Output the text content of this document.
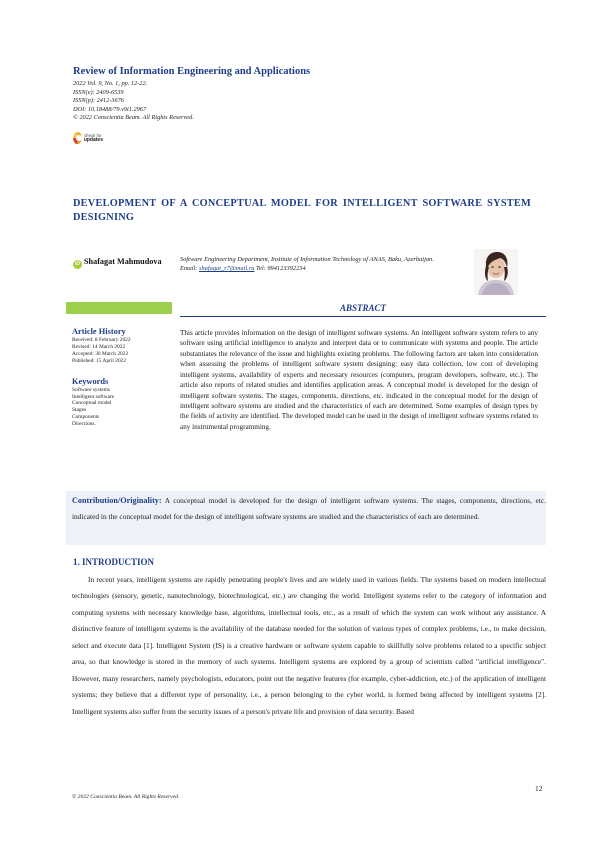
Review of Information Engineering and Applications
2022 Vol. 9, No. 1, pp. 12-22.
ISSN(e): 2409-6539
ISSN(p): 2412-3676
DOI: 10.18488/79.v9i1.2967
© 2022 Conscientia Beam. All Rights Reserved.
check for
updates
DEVELOPMENT OF A CONCEPTUAL MODEL FOR INTELLIGENT SOFTWARE SYSTEM DESIGNING
iD Shafagat Mahmudova	Software Engineering Department, Institute of Information Technology of ANAS, Baku, Azerbaijan.
Email: shafagat_r7@mail.ru Tel: 994123392234
ABSTRACT
Article History
Received: 8 February 2022
Revised: 14 March 2022
Accepted: 30 March 2022
Published: 15 April 2022
Keywords
Software systems
Intelligent software
Conceptual model
Stages
Components
Directions.
This article provides information on the design of intelligent software systems. An intelligent software system refers to any software using artificial intelligence to analyze and interpret data or to communicate with systems and people. The article substantiates the relevance of the issue and highlights existing problems. The following factors are taken into consideration when assessing the problems of intelligent software system designing: easy data collection, low cost of developing intelligent systems, availability of experts and necessary resources (computers, program developers, software, etc.). The article also reports of related studies and identifies application areas. A conceptual model is developed for the design of intelligent software systems. The stages, components, directions, etc. indicated in the conceptual model for the design of intelligent software systems are studied and the characteristics of each are determined. Some examples of design types by the fields of activity are identified. The developed model can be used in the design of intelligent software systems related to any instrumental programming.
Contribution/Originality: A conceptual model is developed for the design of intelligent software systems. The stages, components, directions, etc. indicated in the conceptual model for the design of intelligent software systems are studied and the characteristics of each are determined.
1. INTRODUCTION
In recent years, intelligent systems are rapidly penetrating people's lives and are widely used in various fields. The systems based on modern intellectual technologies (sensory, genetic, nanotechnology, biotechnological, etc.) are changing the world. Intelligent systems refer to the category of information and computing systems with necessary knowledge base, algorithms, intellectual tools, etc., as a result of which the system can work without any assistance. A distinctive feature of intelligent systems is the availability of the database needed for the solution of various types of complex problems, i.e., to make decision, select and execute data [1]. Intelligent System (IS) is a creative hardware or software system capable to skillfully solve problems related to a specific subject area, so that knowledge is stored in the memory of such systems. Intelligent systems are explored by a group of scientists called "artificial intelligence". However, many researchers, namely psychologists, educators, point out the negative features (for example, cyber-addiction, etc.) of the application of intelligent systems; they believe that a different type of personality, i.e., a person belonging to the cyber world, is formed being affected by intelligent systems [2]. Intelligent systems also suffer from the security issues of a person's private life and provision of data security. Based
12
© 2022 Conscientia Beam. All Rights Reserved.
